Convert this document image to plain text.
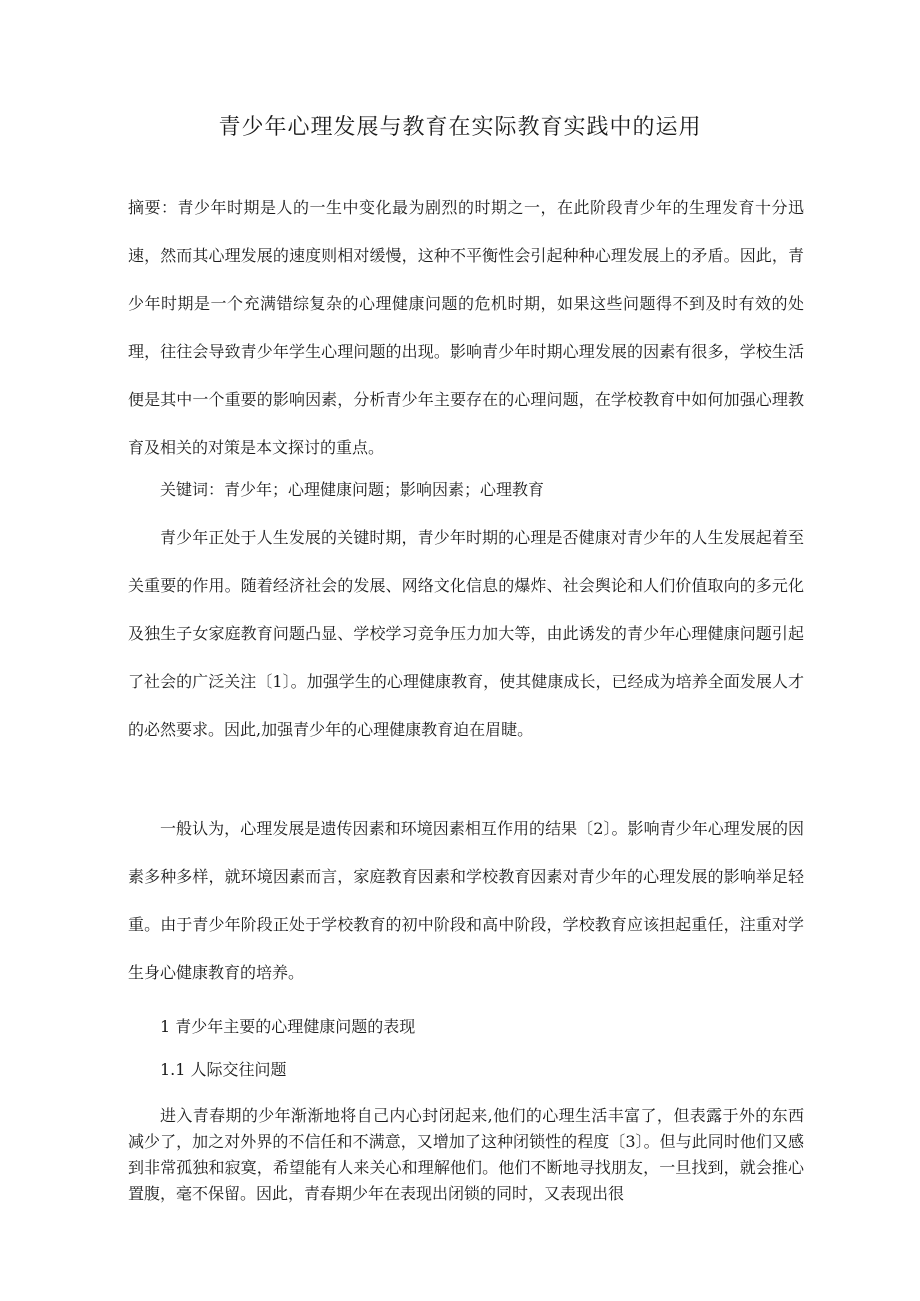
青少年心理发展与教育在实际教育实践中的运用

摘要：青少年时期是人的一生中变化最为剧烈的时期之一，在此阶段青少年的生理发育十分迅速，然而其心理发展的速度则相对缓慢，这种不平衡性会引起种种心理发展上的矛盾。因此，青少年时期是一个充满错综复杂的心理健康问题的危机时期，如果这些问题得不到及时有效的处理，往往会导致青少年学生心理问题的出现。影响青少年时期心理发展的因素有很多，学校生活便是其中一个重要的影响因素，分析青少年主要存在的心理问题，在学校教育中如何加强心理教育及相关的对策是本文探讨的重点。

关键词：青少年；心理健康问题；影响因素；心理教育

青少年正处于人生发展的关键时期，青少年时期的心理是否健康对青少年的人生发展起着至关重要的作用。随着经济社会的发展、网络文化信息的爆炸、社会舆论和人们价值取向的多元化及独生子女家庭教育问题凸显、学校学习竞争压力加大等，由此诱发的青少年心理健康问题引起了社会的广泛关注〔1〕。加强学生的心理健康教育，使其健康成长，已经成为培养全面发展人才的必然要求。因此,加强青少年的心理健康教育迫在眉睫。

一般认为，心理发展是遗传因素和环境因素相互作用的结果〔2〕。影响青少年心理发展的因素多种多样，就环境因素而言，家庭教育因素和学校教育因素对青少年的心理发展的影响举足轻重。由于青少年阶段正处于学校教育的初中阶段和高中阶段，学校教育应该担起重任，注重对学生身心健康教育的培养。

1 青少年主要的心理健康问题的表现

1.1 人际交往问题

进入青春期的少年渐渐地将自己内心封闭起来,他们的心理生活丰富了，但表露于外的东西减少了，加之对外界的不信任和不满意，又增加了这种闭锁性的程度〔3〕。但与此同时他们又感到非常孤独和寂寞，希望能有人来关心和理解他们。他们不断地寻找朋友，一旦找到，就会推心置腹，毫不保留。因此，青春期少年在表现出闭锁的同时，又表现出很
